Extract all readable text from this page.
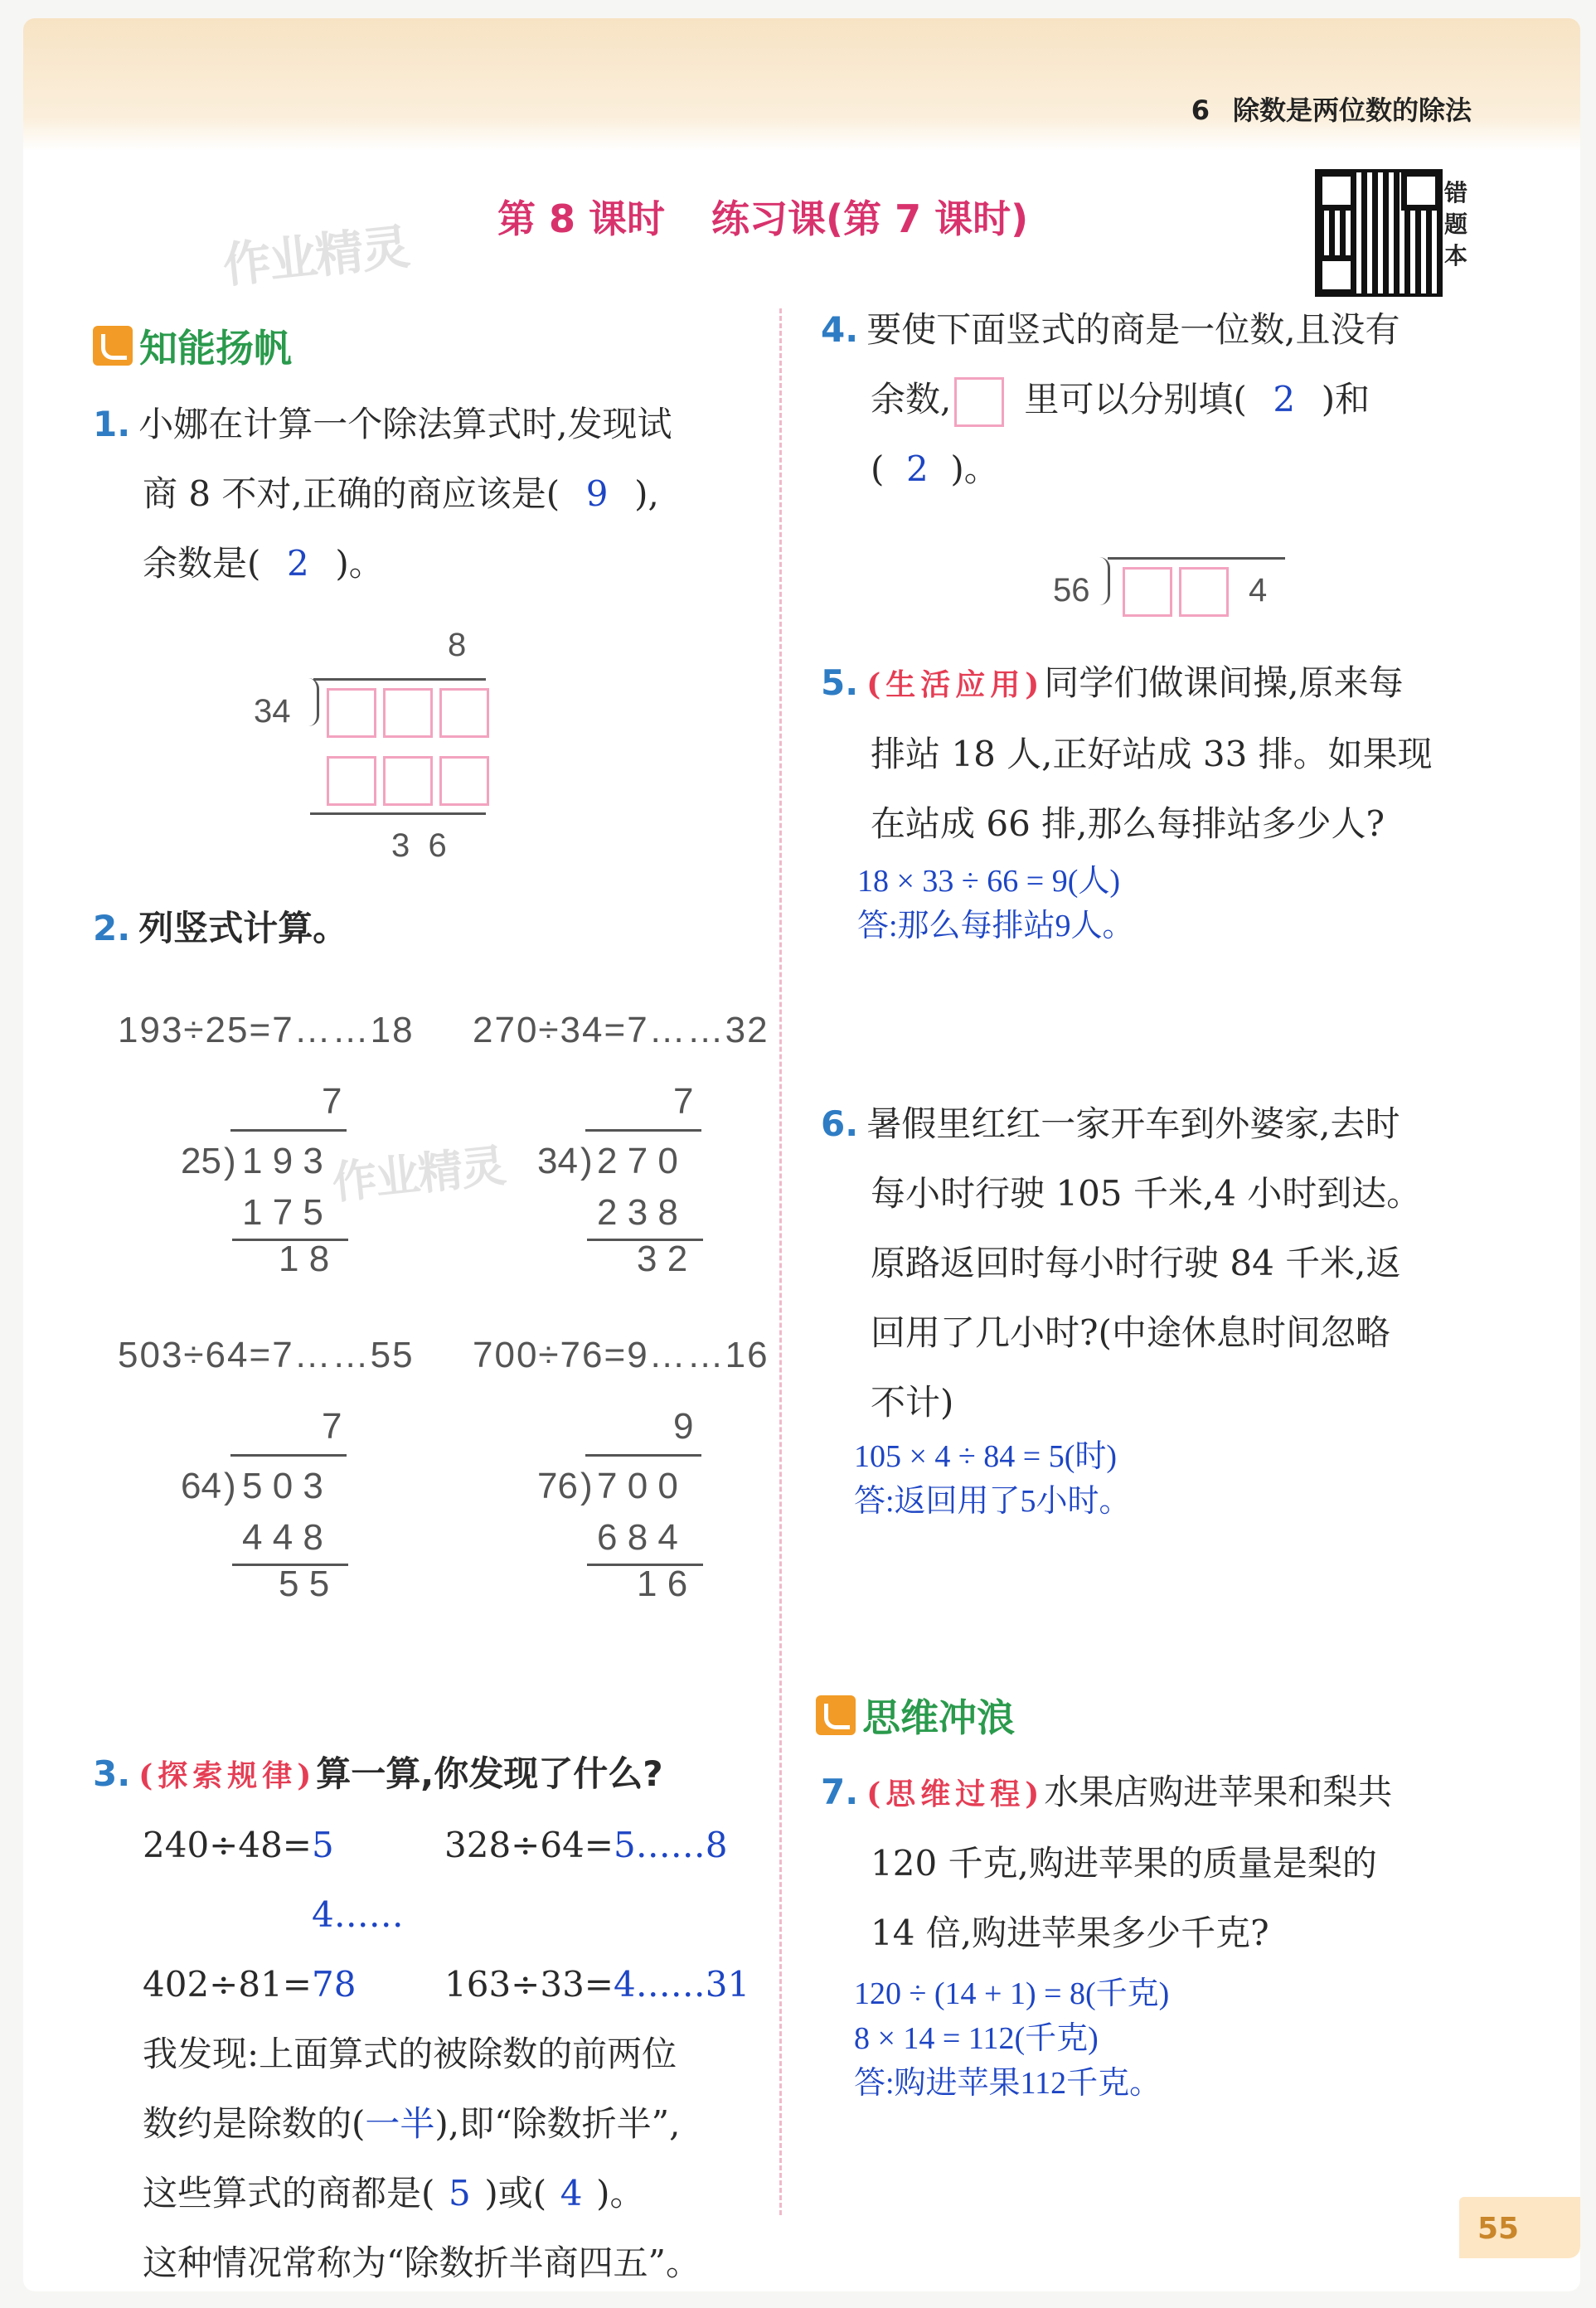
6 除数是两位数的除法
作业精灵 第 8 课时 练习课(第 7 课时)
错
题
本
知能扬帆
1. 小娜在计算一个除法算式时,发现试
商 8 不对,正确的商应该是( 9 ),
余数是( 2 )。
8
34
3  6
2. 列竖式计算。
193÷25=7……18 270÷34=7……32
503÷64=7……55 700÷76=9……16
7
25 ) 1 9 3
1 7 5
1 8
7
34 ) 2 7 0
2 3 8
3 2
7
64 ) 5 0 3
4 4 8
5 5
9
76 ) 7 0 0
6 8 4
1 6
作业精灵
3. (探索规律)算一算,你发现了什么?
240÷48=5	328÷64=5……8
402÷81=4……78	163÷33=4……31
我发现:上面算式的被除数的前两位
数约是除数的(一半),即“除数折半”,
这些算式的商都是( 5 )或( 4 )。
这种情况常称为“除数折半商四五”。
4. 要使下面竖式的商是一位数,且没有
余数, 里可以分别填( 2 )和
( 2 )。
56	4
5. (生活应用)同学们做课间操,原来每
排站 18 人,正好站成 33 排。如果现
在站成 66 排,那么每排站多少人?
18 × 33 ÷ 66 = 9(人)
答:那么每排站9人。
6. 暑假里红红一家开车到外婆家,去时
每小时行驶 105 千米,4 小时到达。
原路返回时每小时行驶 84 千米,返
回用了几小时?(中途休息时间忽略
不计)
105 × 4 ÷ 84 = 5(时)
答:返回用了5小时。
思维冲浪
7. (思维过程)水果店购进苹果和梨共
120 千克,购进苹果的质量是梨的
14 倍,购进苹果多少千克?
120 ÷ (14 + 1) = 8(千克)
8 × 14 = 112(千克)
答:购进苹果112千克。
55
